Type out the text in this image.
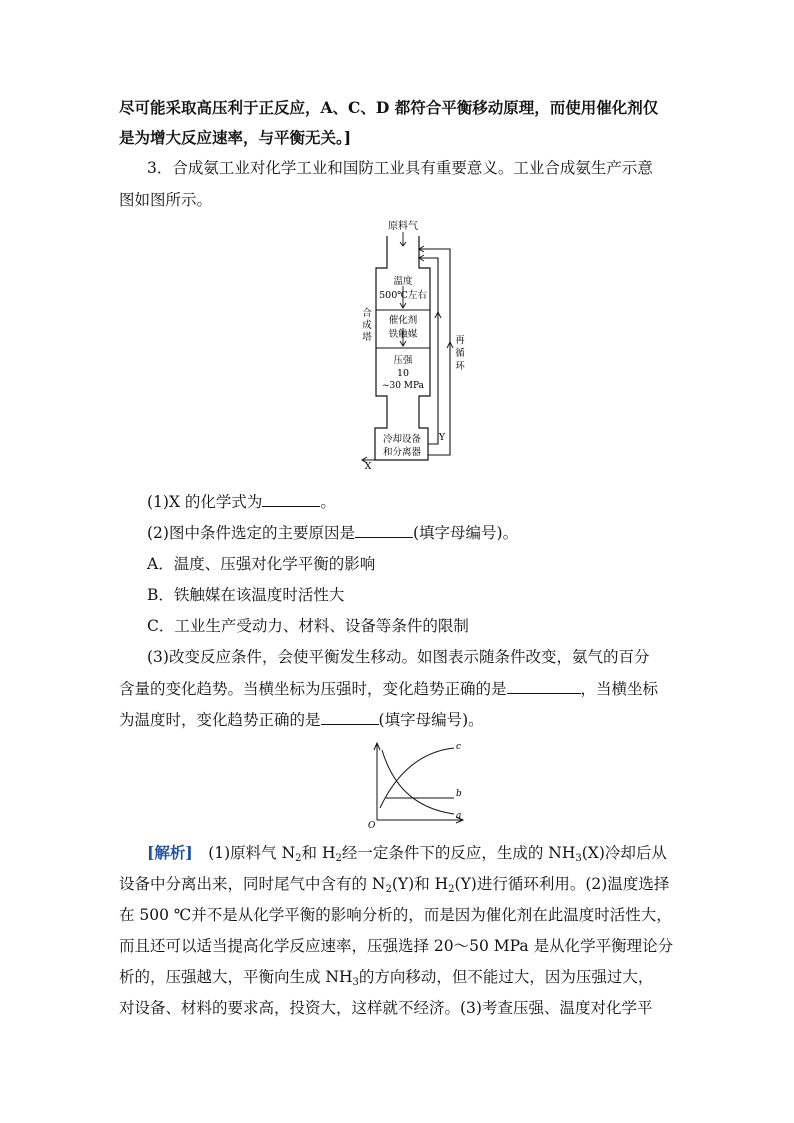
尽可能采取高压利于正反应，A、C、D 都符合平衡移动原理，而使用催化剂仅
是为增大反应速率，与平衡无关。]
3．合成氨工业对化学工业和国防工业具有重要意义。工业合成氨生产示意
图如图所示。
原料气
温度
500℃左右
催化剂
铁触媒
压强
10
~30 MPa
合
成
塔
冷却设备
和分离器
X
Y
再
循
环
(1)X 的化学式为	。
(2)图中条件选定的主要原因是	(填字母编号)。
A．温度、压强对化学平衡的影响
B．铁触媒在该温度时活性大
C．工业生产受动力、材料、设备等条件的限制
(3)改变反应条件，会使平衡发生移动。如图表示随条件改变，氨气的百分
含量的变化趋势。当横坐标为压强时，变化趋势正确的是	，当横坐标
为温度时，变化趋势正确的是	(填字母编号)。
O
c
b
a
[解析]　 (1)原料气 $N_2$和 $H_2$经一定条件下的反应，生成的 $NH_3(X)$冷却后从
设备中分离出来，同时尾气中含有的 $N_2(Y)$和 $H_2(Y)$进行循环利用。(2)温度选择
在 500 ℃并不是从化学平衡的影响分析的，而是因为催化剂在此温度时活性大，
而且还可以适当提高化学反应速率，压强选择 20～50 MPa 是从化学平衡理论分
析的，压强越大，平衡向生成 $NH_3$的方向移动，但不能过大，因为压强过大，
对设备、材料的要求高，投资大，这样就不经济。(3)考查压强、温度对化学平
